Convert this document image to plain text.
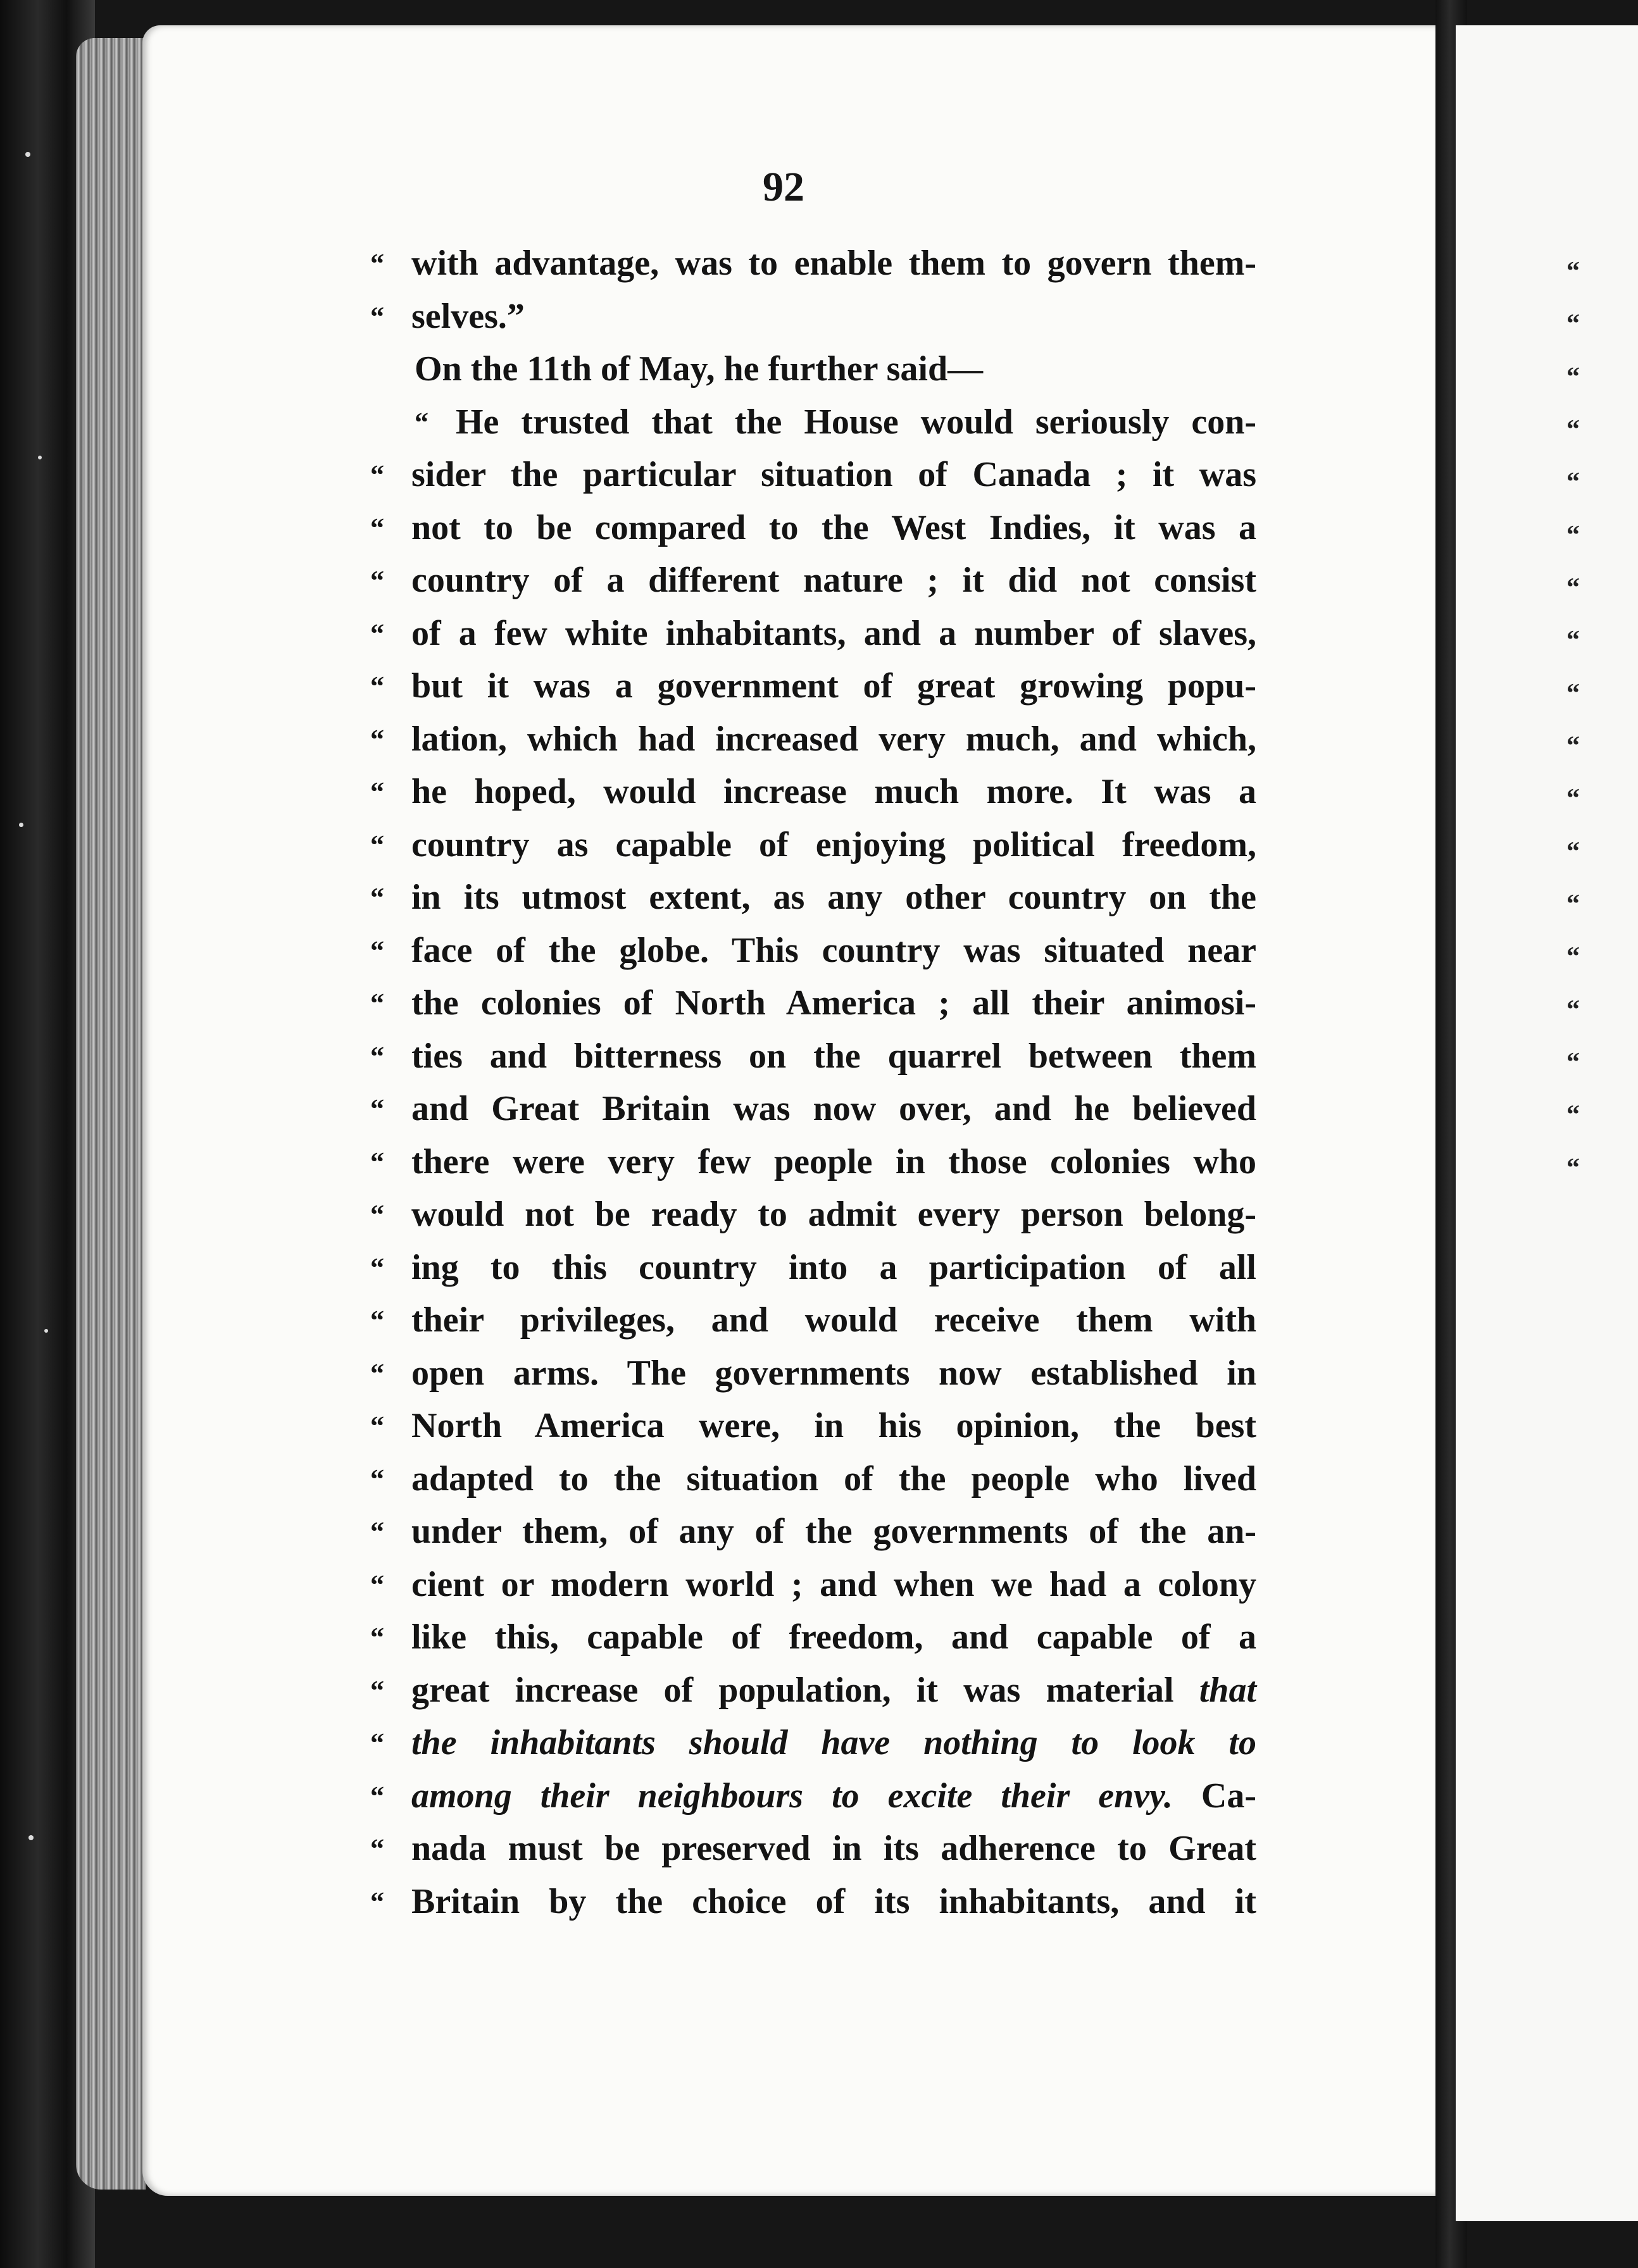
92
“ with advantage, was to enable them to govern them-
“ selves.”
On the 11th of May, he further said—
“ He trusted that the House would seriously con-
“ sider the particular situation of Canada ; it was
“ not to be compared to the West Indies, it was a
“ country of a different nature ; it did not consist
“ of a few white inhabitants, and a number of slaves,
“ but it was a government of great growing popu-
“ lation, which had increased very much, and which,
“ he hoped, would increase much more. It was a
“ country as capable of enjoying political freedom,
“ in its utmost extent, as any other country on the
“ face of the globe. This country was situated near
“ the colonies of North America ; all their animosi-
“ ties and bitterness on the quarrel between them
“ and Great Britain was now over, and he believed
“ there were very few people in those colonies who
“ would not be ready to admit every person belong-
“ ing to this country into a participation of all
“ their privileges, and would receive them with
“ open arms. The governments now established in
“ North America were, in his opinion, the best
“ adapted to the situation of the people who lived
“ under them, of any of the governments of the an-
“ cient or modern world ; and when we had a colony
“ like this, capable of freedom, and capable of a
“ great increase of population, it was material that
“ the inhabitants should have nothing to look to
“ among their neighbours to excite their envy. Ca-
“ nada must be preserved in its adherence to Great
“ Britain by the choice of its inhabitants, and it
“
“
“
“
“
“
“
“
“
“
“
“
“
“
“
“
“
“
